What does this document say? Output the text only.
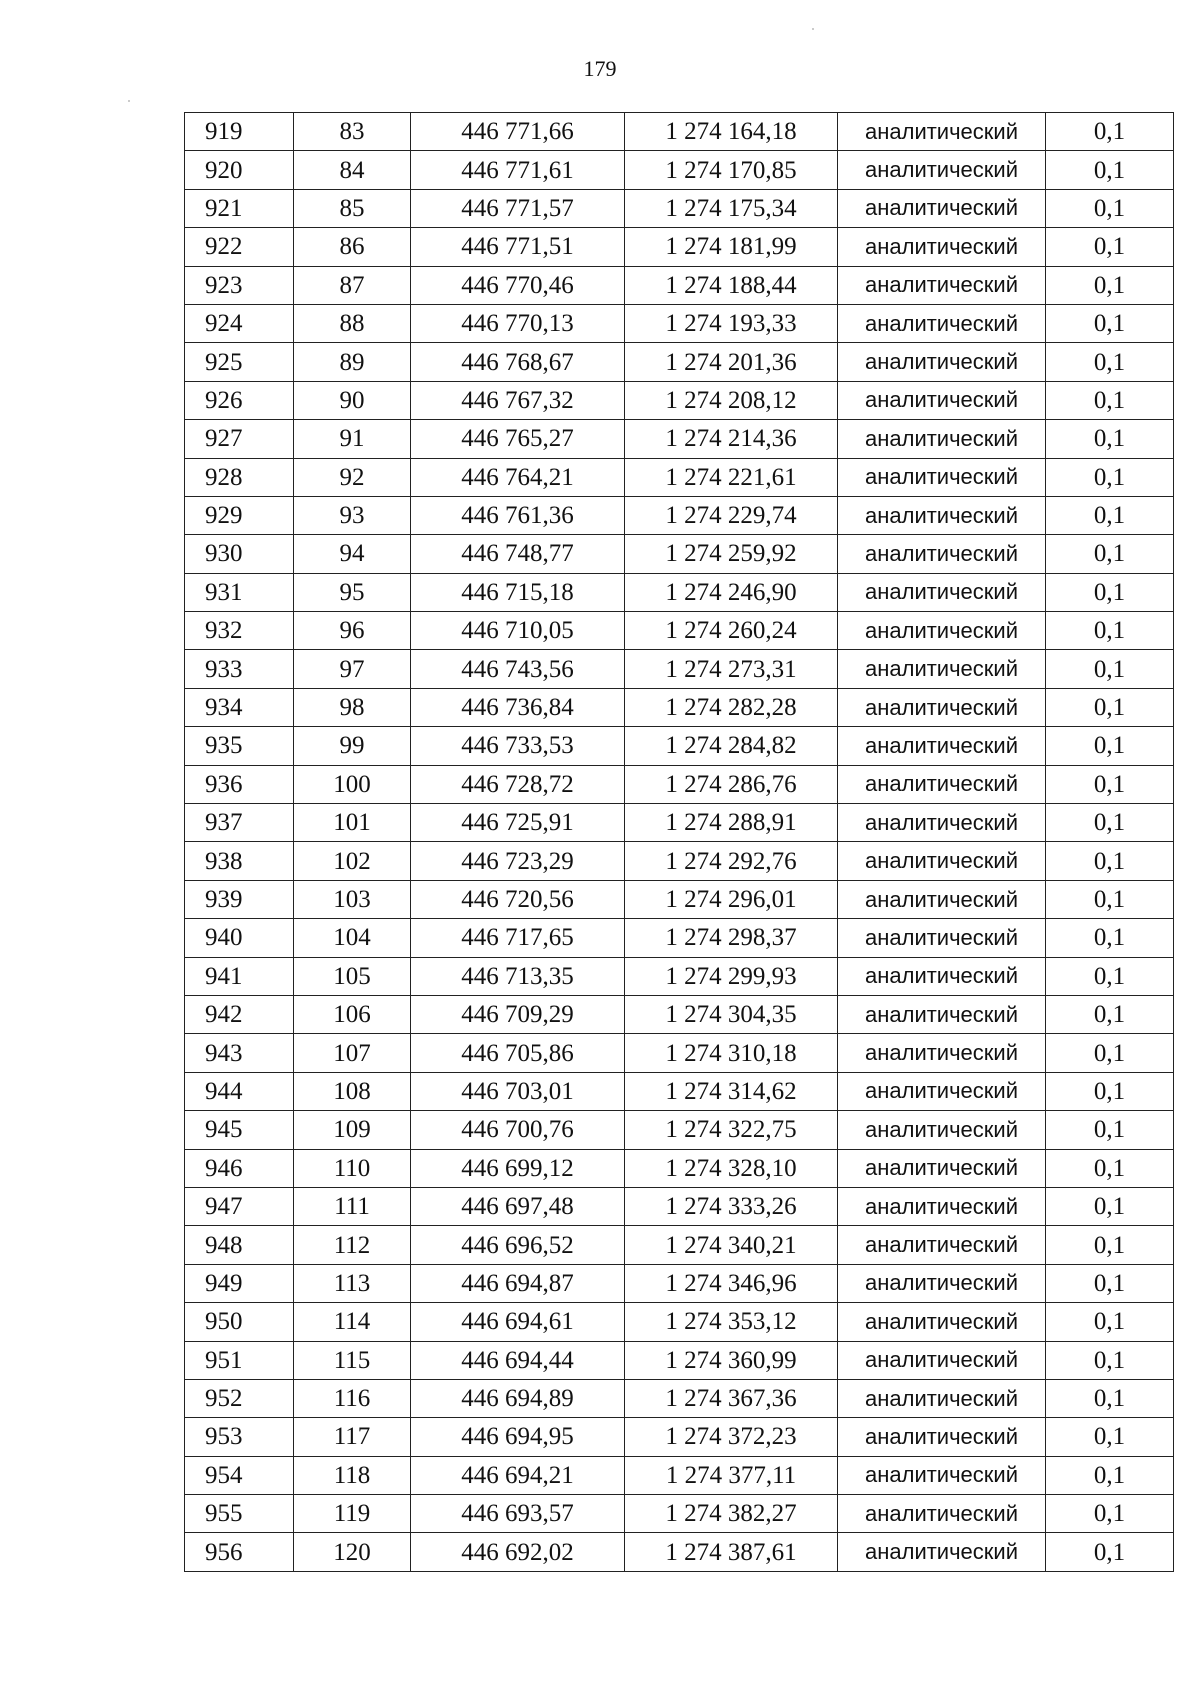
179
919	83	446 771,66	1 274 164,18	аналитический	0,1
920	84	446 771,61	1 274 170,85	аналитический	0,1
921	85	446 771,57	1 274 175,34	аналитический	0,1
922	86	446 771,51	1 274 181,99	аналитический	0,1
923	87	446 770,46	1 274 188,44	аналитический	0,1
924	88	446 770,13	1 274 193,33	аналитический	0,1
925	89	446 768,67	1 274 201,36	аналитический	0,1
926	90	446 767,32	1 274 208,12	аналитический	0,1
927	91	446 765,27	1 274 214,36	аналитический	0,1
928	92	446 764,21	1 274 221,61	аналитический	0,1
929	93	446 761,36	1 274 229,74	аналитический	0,1
930	94	446 748,77	1 274 259,92	аналитический	0,1
931	95	446 715,18	1 274 246,90	аналитический	0,1
932	96	446 710,05	1 274 260,24	аналитический	0,1
933	97	446 743,56	1 274 273,31	аналитический	0,1
934	98	446 736,84	1 274 282,28	аналитический	0,1
935	99	446 733,53	1 274 284,82	аналитический	0,1
936	100	446 728,72	1 274 286,76	аналитический	0,1
937	101	446 725,91	1 274 288,91	аналитический	0,1
938	102	446 723,29	1 274 292,76	аналитический	0,1
939	103	446 720,56	1 274 296,01	аналитический	0,1
940	104	446 717,65	1 274 298,37	аналитический	0,1
941	105	446 713,35	1 274 299,93	аналитический	0,1
942	106	446 709,29	1 274 304,35	аналитический	0,1
943	107	446 705,86	1 274 310,18	аналитический	0,1
944	108	446 703,01	1 274 314,62	аналитический	0,1
945	109	446 700,76	1 274 322,75	аналитический	0,1
946	110	446 699,12	1 274 328,10	аналитический	0,1
947	111	446 697,48	1 274 333,26	аналитический	0,1
948	112	446 696,52	1 274 340,21	аналитический	0,1
949	113	446 694,87	1 274 346,96	аналитический	0,1
950	114	446 694,61	1 274 353,12	аналитический	0,1
951	115	446 694,44	1 274 360,99	аналитический	0,1
952	116	446 694,89	1 274 367,36	аналитический	0,1
953	117	446 694,95	1 274 372,23	аналитический	0,1
954	118	446 694,21	1 274 377,11	аналитический	0,1
955	119	446 693,57	1 274 382,27	аналитический	0,1
956	120	446 692,02	1 274 387,61	аналитический	0,1
